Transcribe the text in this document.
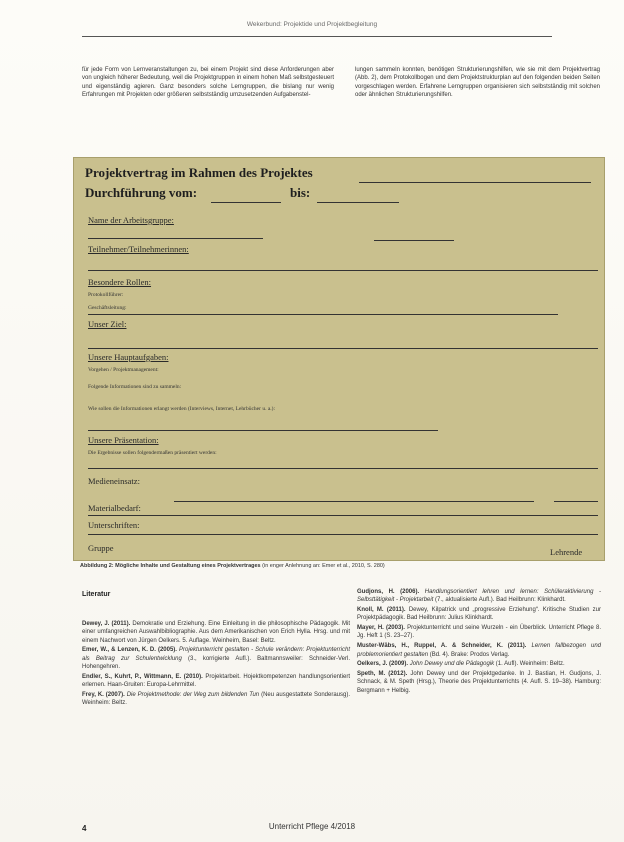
Wekerbund: Projektide und Projektbegleitung
für jede Form von Lernveranstaltungen zu, bei einem Projekt sind diese Anforderungen aber von ungleich höherer Bedeutung, weil die Projektgruppen in einem hohen Maß selbstgesteuert und eigenständig agieren. Ganz besonders solche Lerngruppen, die bislang nur wenig Erfahrungen mit Projekten oder größeren selbstständig umzusetzenden Aufgabenstel-
lungen sammeln konnten, benötigen Strukturierungshilfen, wie sie mit dem Projektvertrag (Abb. 2), dem Protokollbogen und dem Projektstrukturplan auf den folgenden beiden Seiten vorgeschlagen werden. Erfahrene Lerngruppen organisieren sich selbstständig mit solchen oder ähnlichen Strukturierungshilfen.
Projektvertrag im Rahmen des Projektes
Durchführung vom:	bis:
Name der Arbeitsgruppe:
Teilnehmer/Teilnehmerinnen:
Besondere Rollen:
Protokollführer:
Geschäftsleitung:
Unser Ziel:
Unsere Hauptaufgaben:
Vorgehen / Projektmanagement:
Folgende Informationen sind zu sammeln:
Wie sollen die Informationen erlangt werden (Interviews, Internet, Lehrbücher u. a.):
Unsere Präsentation:
Die Ergebnisse sollen folgendermaßen präsentiert werden:
Medieneinsatz:
Materialbedarf:
Unterschriften:
Gruppe	Lehrende
Abbildung 2: Mögliche Inhalte und Gestaltung eines Projektvertrages (in enger Anlehnung an: Emer et al., 2010, S. 280)
Literatur

Dewey, J. (2011). Demokratie und Erziehung. Eine Einleitung in die philosophische Pädagogik. Mit einer umfangreichen Auswahlbibliographie. Aus dem Amerikanischen von Erich Hylla. Hrsg. und mit einem Nachwort von Jürgen Oelkers. 5. Auflage. Weinheim, Basel: Beltz.

Emer, W., & Lenzen, K. D. (2005). Projektunterricht gestalten - Schule verändern: Projektunterricht als Beitrag zur Schulentwicklung (3., korrigierte Aufl.). Baltmannsweiler: Schneider-Verl. Hohengehren.

Endler, S., Kuhrt, P., Wittmann, E. (2010). Projektarbeit. Hojektkompetenzen handlungsorientiert erlernen. Haan-Gruiten: Europa-Lehrmittel.

Frey, K. (2007). Die Projektmethode: der Weg zum bildenden Tun (Neu ausgestattete Sonderausg). Weinheim: Beltz.

Gudjons, H. (2006). Handlungsorientiert lehren und lernen: Schüleraktivierung - Selbsttätigkeit - Projektarbeit (7., aktualisierte Aufl.). Bad Heilbrunn: Klinkhardt.

Knoll, M. (2011). Dewey, Kilpatrick und „progressive Erziehung“. Kritische Studien zur Projektpädagogik. Bad Heilbrunn: Julius Klinkhardt.

Mayer, H. (2003). Projektunterricht und seine Wurzeln - ein Überblick. Unterricht Pflege 8. Jg. Heft 1 (S. 23–27).

Muster-Wäbs, H., Ruppel, A. & Schneider, K. (2011). Lernen fallbezogen und problemorientiert gestalten (Bd. 4). Brake: Prodos Verlag.

Oelkers, J. (2009). John Dewey und die Pädagogik (1. Aufl). Weinheim: Beltz.

Speth, M. (2012). John Dewey und der Projektgedanke. In J. Bastian, H. Gudjons, J. Schnack, & M. Speth (Hrsg.), Theorie des Projektunterrichts (4. Aufl. S. 19–38). Hamburg: Bergmann + Helbig.

Unterricht Pflege 4/2018
4
